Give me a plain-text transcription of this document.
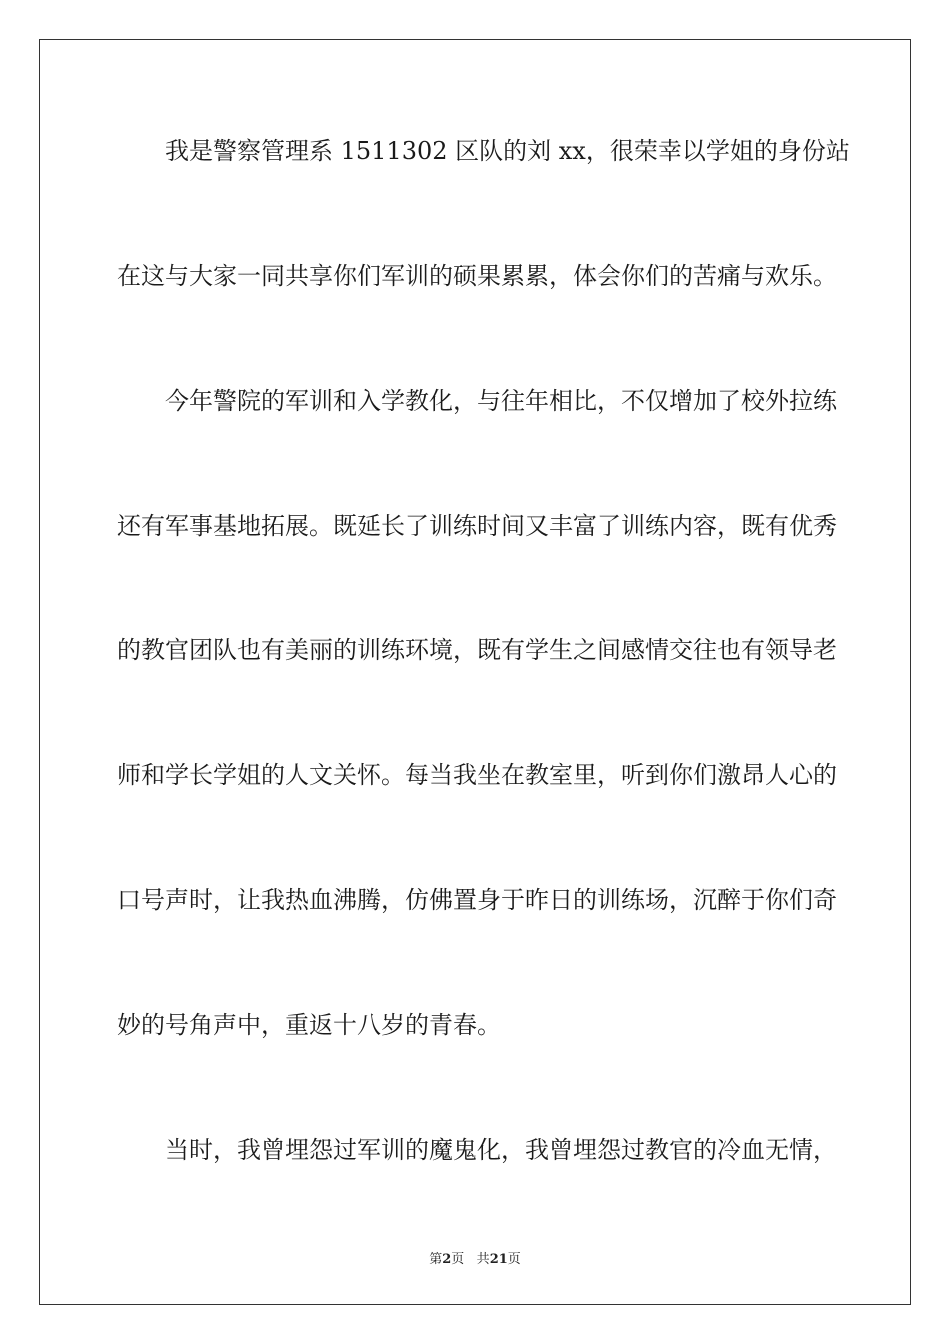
我是警察管理系 1511302 区队的刘 xx，很荣幸以学姐的身份站
在这与大家一同共享你们军训的硕果累累，体会你们的苦痛与欢乐。
今年警院的军训和入学教化，与往年相比，不仅增加了校外拉练
还有军事基地拓展。既延长了训练时间又丰富了训练内容，既有优秀
的教官团队也有美丽的训练环境，既有学生之间感情交往也有领导老
师和学长学姐的人文关怀。每当我坐在教室里，听到你们激昂人心的
口号声时，让我热血沸腾，仿佛置身于昨日的训练场，沉醉于你们奇
妙的号角声中，重返十八岁的青春。
当时，我曾埋怨过军训的魔鬼化，我曾埋怨过教官的冷血无情，
第2页 共21页
